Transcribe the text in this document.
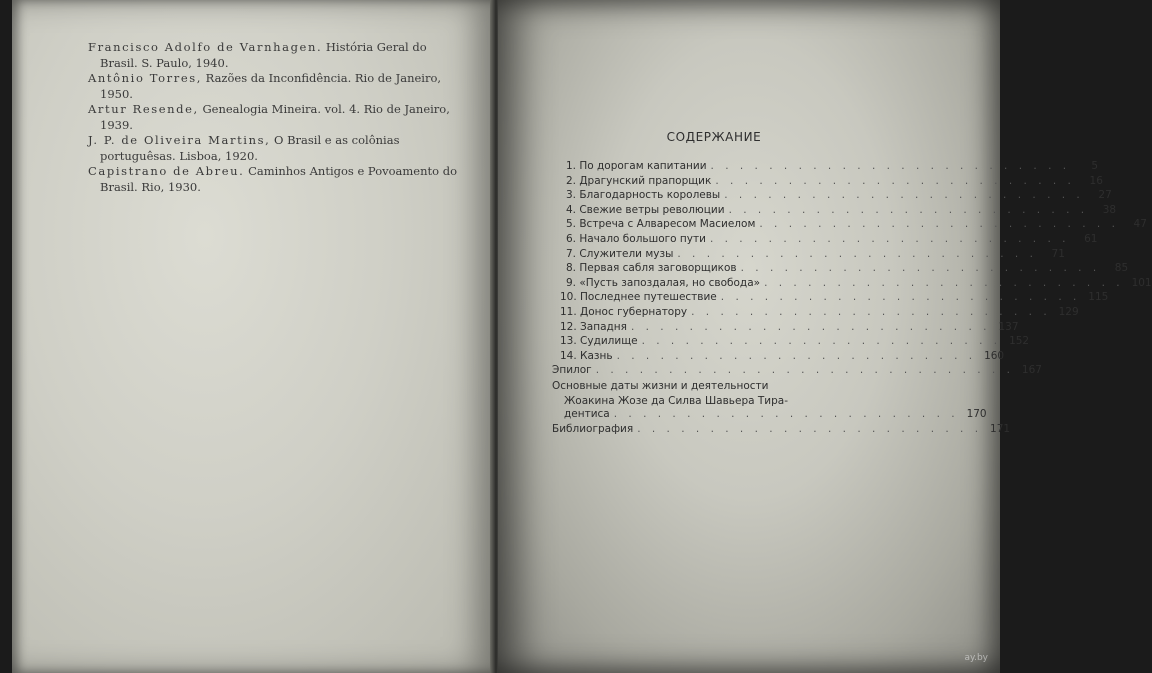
Francisco Adolfo de Varnhagen. História Geral do Brasil. S. Paulo, 1940.

Antônio Torres, Razões da Inconfidência. Rio de Janeiro, 1950.

Artur Resende, Genealogia Mineira. vol. 4. Rio de Janeiro, 1939.

J. P. de Oliveira Martins, O Brasil e as colônias portuguêsas. Lisboa, 1920.

Capistrano de Abreu. Caminhos Antigos e Povoamento do Brasil. Rio, 1930.

СОДЕРЖАНИЕ
1. По дорогам капитании . . . . . . . . . . . . . . . . . . . . . . . . .	5
2. Драгунский прапорщик . . . . . . . . . . . . . . . . . . . . . . . . .	16
3. Благодарность королевы . . . . . . . . . . . . . . . . . . . . . . . . .	27
4. Свежие ветры революции . . . . . . . . . . . . . . . . . . . . . . . . .	38
5. Встреча с Алваресом Масиелом . . . . . . . . . . . . . . . . . . . . . . . . .	47
6. Начало большого пути . . . . . . . . . . . . . . . . . . . . . . . . .	61
7. Служители музы . . . . . . . . . . . . . . . . . . . . . . . . .	71
8. Первая сабля заговорщиков . . . . . . . . . . . . . . . . . . . . . . . . .	85
9. «Пусть запоздалая, но свобода» . . . . . . . . . . . . . . . . . . . . . . . . . 101
10. Последнее путешествие . . . . . . . . . . . . . . . . . . . . . . . . . 115
11. Донос губернатору . . . . . . . . . . . . . . . . . . . . . . . . . 129
12. Западня . . . . . . . . . . . . . . . . . . . . . . . . . 137
13. Судилище . . . . . . . . . . . . . . . . . . . . . . . . . 152
14. Казнь . . . . . . . . . . . . . . . . . . . . . . . . . 160
Эпилог . . . . . . . . . . . . . . . . . . . . . . . . . . . . . 167
Основные даты жизни и деятельности
Жоакина Жозе да Силва Шавьера Тира-
дентиса . . . . . . . . . . . . . . . . . . . . . . . . 170
Библиография . . . . . . . . . . . . . . . . . . . . . . . . 171
ay.by
